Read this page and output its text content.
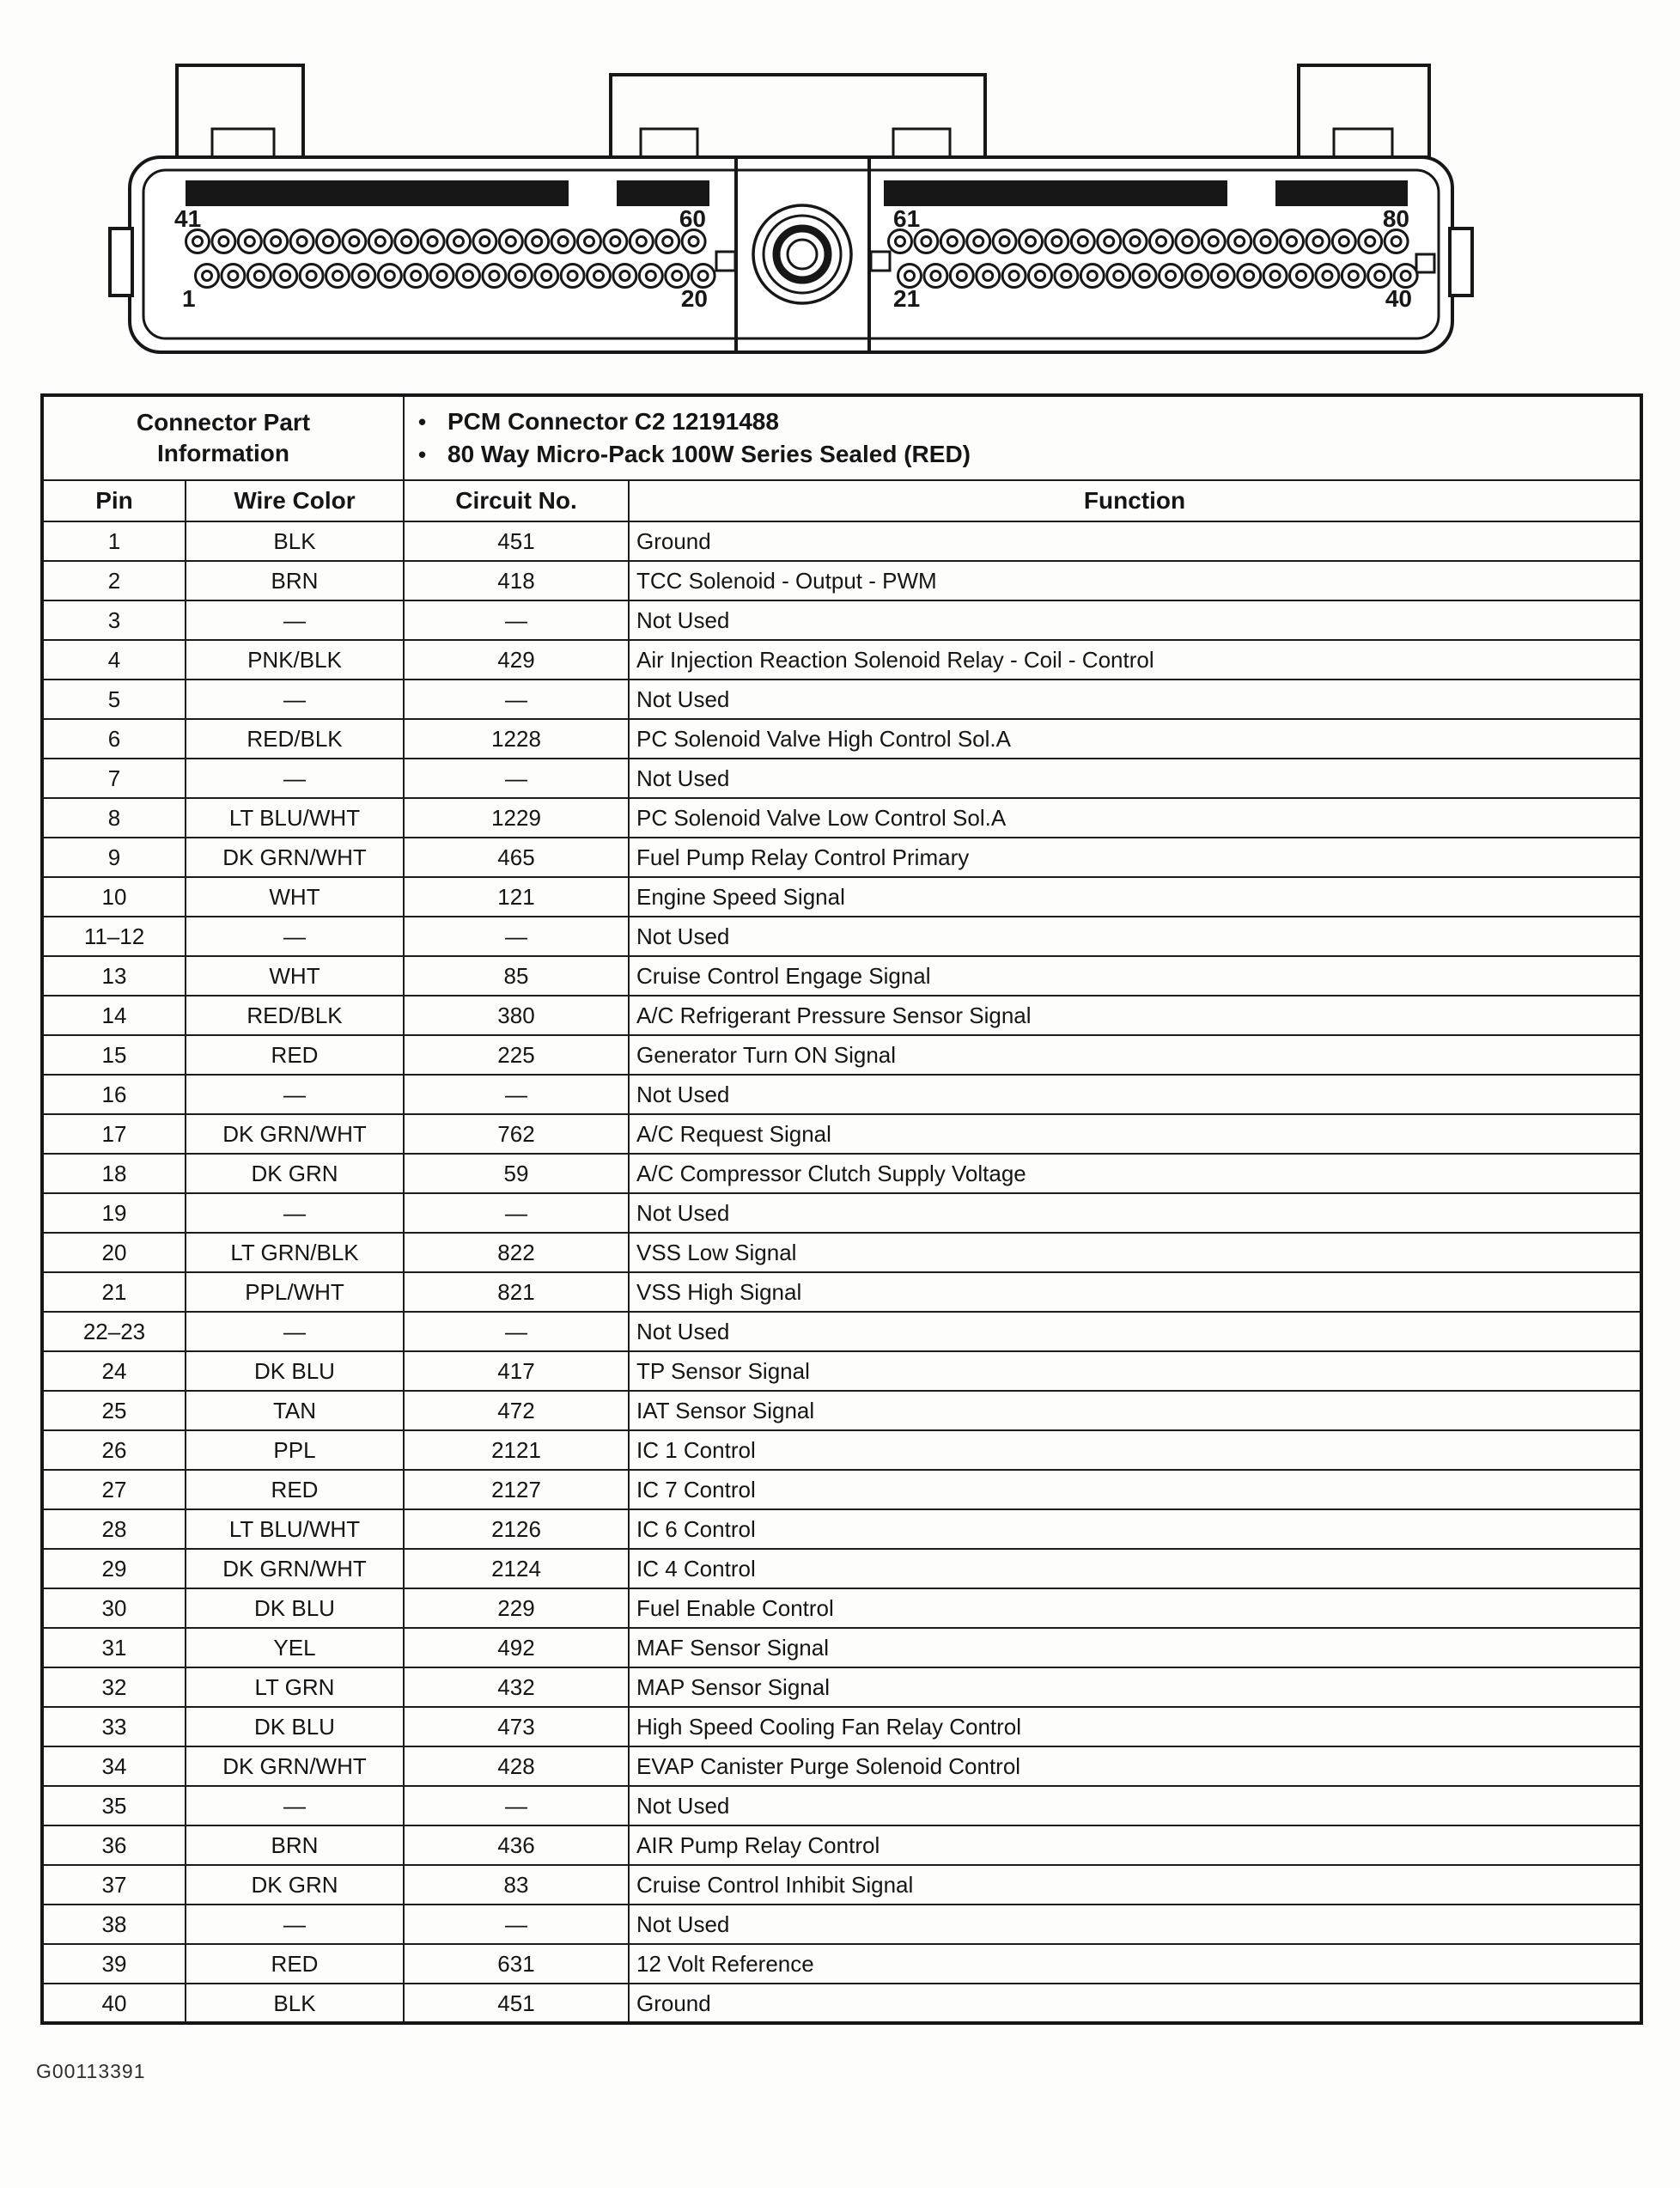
41	60
1	20
61	80
21	40
Connector Part
Information

• PCM Connector C2 12191488
• 80 Way Micro-Pack 100W Series Sealed (RED)

Pin	Wire Color	Circuit No.	Function
1	BLK	451	Ground
2	BRN	418	TCC Solenoid - Output - PWM
3	—	—	Not Used
4	PNK/BLK	429	Air Injection Reaction Solenoid Relay - Coil - Control
5	—	—	Not Used
6	RED/BLK	1228	PC Solenoid Valve High Control Sol.A
7	—	—	Not Used
8	LT BLU/WHT	1229	PC Solenoid Valve Low Control Sol.A
9	DK GRN/WHT	465	Fuel Pump Relay Control Primary
10	WHT	121	Engine Speed Signal
11–12	—	—	Not Used
13	WHT	85	Cruise Control Engage Signal
14	RED/BLK	380	A/C Refrigerant Pressure Sensor Signal
15	RED	225	Generator Turn ON Signal
16	—	—	Not Used
17	DK GRN/WHT	762	A/C Request Signal
18	DK GRN	59	A/C Compressor Clutch Supply Voltage
19	—	—	Not Used
20	LT GRN/BLK	822	VSS Low Signal
21	PPL/WHT	821	VSS High Signal
22–23	—	—	Not Used
24	DK BLU	417	TP Sensor Signal
25	TAN	472	IAT Sensor Signal
26	PPL	2121	IC 1 Control
27	RED	2127	IC 7 Control
28	LT BLU/WHT	2126	IC 6 Control
29	DK GRN/WHT	2124	IC 4 Control
30	DK BLU	229	Fuel Enable Control
31	YEL	492	MAF Sensor Signal
32	LT GRN	432	MAP Sensor Signal
33	DK BLU	473	High Speed Cooling Fan Relay Control
34	DK GRN/WHT	428	EVAP Canister Purge Solenoid Control
35	—	—	Not Used
36	BRN	436	AIR Pump Relay Control
37	DK GRN	83	Cruise Control Inhibit Signal
38	—	—	Not Used
39	RED	631	12 Volt Reference
40	BLK	451	Ground
G00113391
